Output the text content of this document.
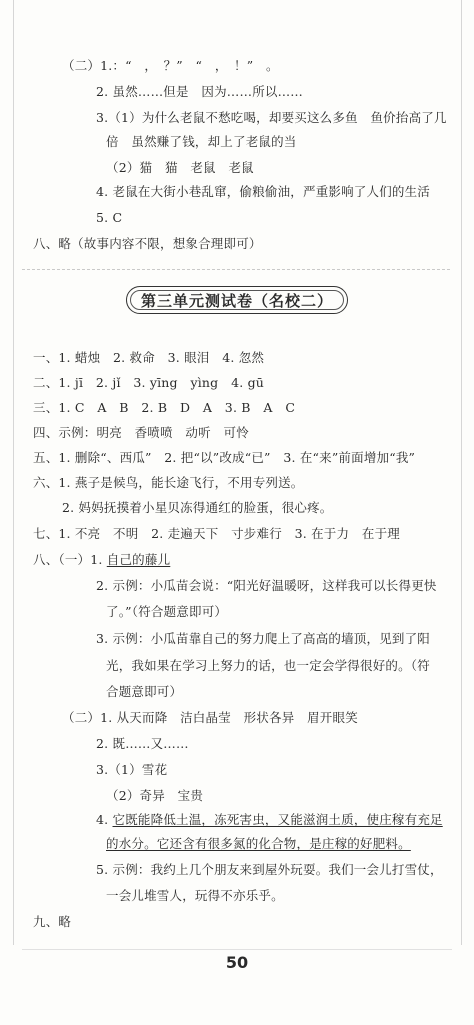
（二）1.：“　，　？”　“　，　！”　。
2. 虽然……但是　因为……所以……
3.（1）为什么老鼠不愁吃喝，却要买这么多鱼　鱼价抬高了几
倍　虽然赚了钱，却上了老鼠的当
（2）猫　猫　老鼠　老鼠
4. 老鼠在大街小巷乱窜，偷粮偷油，严重影响了人们的生活
5. C
八、略（故事内容不限，想象合理即可）
第三单元测试卷（名校二）
一、1. 蜡烛　2. 救命　3. 眼泪　4. 忽然
二、1. jī　2. jǐ　3. yīng　yìng　4. gū
三、1. C　A　B　2. B　D　A　3. B　A　C
四、示例：明亮　香喷喷　动听　可怜
五、1. 删除“、西瓜”　2. 把“以”改成“已”　3. 在“来”前面增加“我”
六、1. 燕子是候鸟，能长途飞行，不用专列送。
2. 妈妈抚摸着小星贝冻得通红的脸蛋，很心疼。
七、1. 不亮　不明　2. 走遍天下　寸步难行　3. 在于力　在于理
八、（一）1. 自己的藤儿
2. 示例：小瓜苗会说：“阳光好温暖呀，这样我可以长得更快
了。”（符合题意即可）
3. 示例：小瓜苗靠自己的努力爬上了高高的墙顶，见到了阳
光，我如果在学习上努力的话，也一定会学得很好的。（符
合题意即可）
（二）1. 从天而降　洁白晶莹　形状各异　眉开眼笑
2. 既……又……
3.（1）雪花
（2）奇异　宝贵
4. 它既能降低土温，冻死害虫，又能滋润土质，使庄稼有充足
的水分。它还含有很多氮的化合物，是庄稼的好肥料。
5. 示例：我约上几个朋友来到屋外玩耍。我们一会儿打雪仗，
一会儿堆雪人，玩得不亦乐乎。
九、略
50
